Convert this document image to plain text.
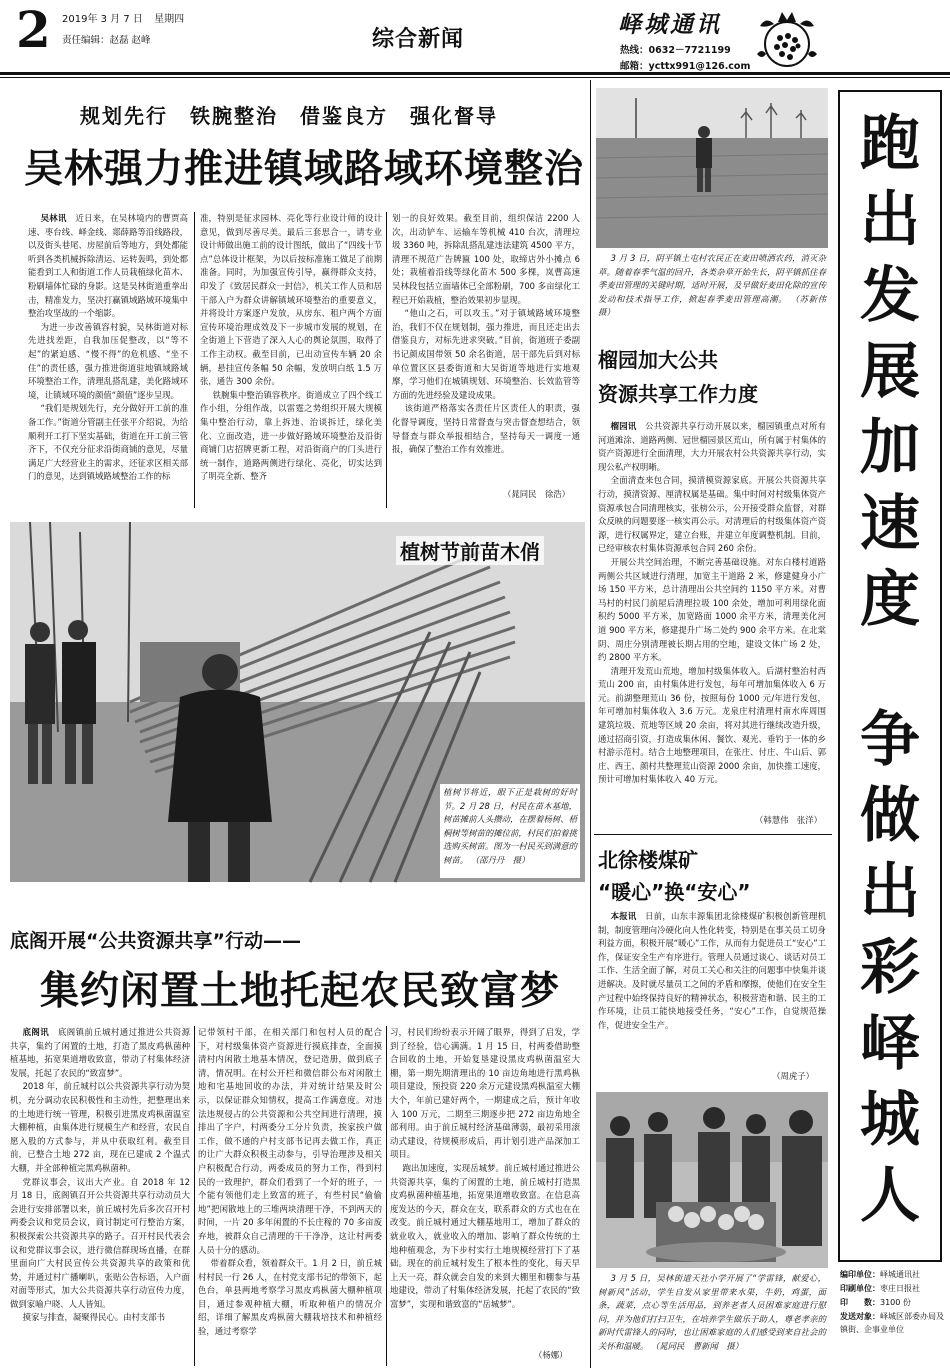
2 2019年 3 月 7 日 星期四
责任编辑：赵磊 赵峰	综合新闻
峄城通讯
热线：0632－7721199
邮箱：ycttx991@126.com
规划先行　铁腕整治　借鉴良方　强化督导
吴林强力推进镇域路域环境整治

吴林讯　 近日来，在吴林境内的曹贾高速、枣台线、峄金线、郯薛路等沿线路段，以及街头巷尾、房屋前后等地方，到处都能听到各类机械拆除清运、运转轰鸣，到处都能看到工人和街道工作人员栽植绿化苗木、粉刷墙体忙碌的身影。这是吴林街道重拳出击，精准发力，坚决打赢镇域路域环境集中整治攻坚战的一个缩影。

为进一步改善镇容村貌，吴林街道对标先进找差距，自我加压促整改，以“等不起”的紧迫感、“慢不得”的危机感、“坐不住”的责任感，强力推进街道驻地镇域路域环境整治工作，清理乱搭乱建，美化路域环境，让镇域环境的颜值“颜值”逐步呈现。

“我们是规划先行，充分做好开工前的准备工作。”街道分管副主任张平介绍说，为给顺利开工打下坚实基础，街道在开工前三管齐下，不仅充分征求沿街商铺的意见，尽量满足广大经营业主的需求，还征求区相关部门的意见，达到镇域路域整治工作的标

准，特别是征求园林、亮化等行业设计师的设计意见，做到尽善尽美。最后三套思合一，请专业设计师做出施工前的设计图纸，做出了“四线十节点”总体设计框架，为以后按标准施工做足了前期准备。同时，为加强宣传引导，赢得群众支持，印发了《致居民群众一封信》，机关工作人员和居干部入户为群众讲解镇域环境整治的重要意义，并将设计方案逐户发放，从房东、租户两个方面宣传环境治理成效及下一步城市发展的规划，在全街道上下营造了深入人心的舆论氛围，取得了工作主动权。截至目前，已出动宣传车辆 20 余辆，悬挂宣传条幅 50 余幅，发放明白纸 1.5 万张，通告 300 余份。

铁腕集中整治镇容秩序。街道成立了四个线工作小组，分组作战，以雷霆之势组织开展大规模集中整治行动，靠上拆违、治谈拆迁，绿化美化、立面改造，进一步做好路域环境整治及沿街商铺门店招牌更新工程，对沿街商户的门头进行统一制作，道路两侧进行绿化、亮化，切实达到了明亮全新、整齐

划一的良好效果。截至目前，组织保洁 2200 人次，出动铲车、运输车等机械 410 台次，清理垃圾 3360 吨，拆除乱搭乱建违法建筑 4500 平方，清理不规范广告牌匾 100 处，取缔店外小摊点 6 处；栽植着沿线等绿化苗木 500 多棵，岚曹高速吴林段包括立面墙体已全部粉刷，700 多亩绿化工程已开始栽植，整治效果初步显现。

“他山之石，可以攻玉。”对于镇域路域环境整治，我们不仅在规划制，强力推进，而且还走出去借鉴良方，对标先进求突破。”目前，街道班子委副书记颜成国带领 50 余名街道，居干部先后到对标单位置区区县委街道和大吴街道等地进行实地观摩，学习他们在城镇规划、环境整治、长效监管等方面的先进经验及建设成果。

该街道严格落实各责任片区责任人的职责，强化督导调度，坚持日常督查与突击督查想结合，领导督查与群众举报相结合，坚持每天一调度一通报，确保了整治工作有效推进。

（晁同民　徐浩）
植树节前苗木俏

植树节将近，眼下正是栽树的好时节。2 月 28 日，村民在苗木基地，树苗摊前人头攒动，在摆着杨树、梧桐树等树苗的摊位前，村民们拍着挑选购买树苗。图为一村民买到满意的树苗。 （邵丹丹　摄）

底阁开展“公共资源共享”行动——
集约闲置土地托起农民致富梦

底阁讯　 底阁镇前丘城村通过推进公共资源共享，集约了闲置的土地，打造了黑皮鸡枞菌种植基地，拓宽果道增收致富，带动了村集体经济发展，托起了农民的“致富梦”。

2018 年，前丘城村以公共资源共享行动为契机，充分调动农民积极性和主动性，把整理出来的土地进行统一管理，积极引进黑皮鸡枞菌温室大棚种植，由集体进行规模生产和经营，农民自愿入股的方式参与，并从中获取红利。截至目前，已整合土地 272 亩，现在已建成 2 个温式大棚，并全部种植完黑鸡枞菌种。

党群议事会，议出大产业。自 2018 年 12 月 18 日，底阁镇召开公共资源共享行动动员大会进行安排部署以来，前丘城村先后多次召开村两委会议和党员会议，商讨制定可行整治方案，积极探索公共资源共享的路子。召开村民代表会议和党群议事会议，进行微信群现场直播，在群里面向广大村民宣传公共资源共享的政策和优势，并通过村广播喇叭，张贴公告标语，入户面对面等形式，加大公共资源共享行动宣传力度，做到家喻户晓、人人皆知。

摸家与排查，凝聚得民心。由村支部书

记带领村干部，在相关部门和包村人员的配合下，对村级集体资产资源进行摸底排查，全面摸清村内闲散土地基本情况，登记造册，做到底子清，情况明。在村公开栏和微信群公布对闲散土地和宅基地回收的办法，并对统计结果及时公示，以保证群众知情权，提高工作满意度。对违法违规侵占的公共资源和公共空间进行清理，摸排出了字户，村两委分工分片负责，挨家挨户做工作，做不通的户村支部书记再去做工作，真正的让广大群众积极主动参与，引导治理涉及相关户积极配合行动，两委成员的努力工作，得到村民的一致理护，群众们看到了一个好的班子，一个能有领他们走上致富的班子，有些村民“偷偷地”把闲散地上的三堆两块清理干净，不到两天的时间，一片 20 多年闲置的不长庄稼的 70 多亩废弃地，被群众自己清理的干干净净，这让村两委人员十分的感动。

带着群众看，领着群众干。1 月 2 日，前丘城村村民一行 26 人，在村党支部书记的带领下，起色台，单县两地考察学习黑皮鸡枞菌大棚种植项目，通过参观种植大棚，听取种植户的情况介绍，详细了解黑皮鸡枞菌大棚栽培技术和种植经验，通过考察学

习，村民们纷纷表示开阔了眼界，得到了启发，学到了经验，信心满满。1 月 15 日，村两委借助整合回收的土地，开始复垦建设黑皮鸡枞菌温室大棚，第一期先期清理出的 10 亩边角地进行黑鸡枞项目建设，预投资 220 余万元建设黑鸡枞温室大棚大个，年前已建好两个，一期建成之后，预计年收入 100 万元，二期至三期逐步把 272 亩边角地全部利用。由于前丘城村经济基础薄弱，最初采用滚动式建设，待规模形成后，再计划引进产品深加工项目。

跑出加速度，实现岳城梦。前丘城村通过推进公共资源共享，集约了闲置的土地，前丘城村打造黑皮鸡枞菌种植基地，拓宽果道增收致富。在信息高度发达的今天，群众在支，联系群众的方式也在在改变。前丘城村通过大棚基地用工，增加了群众的就业收入，就业收入的增加、影响了群众传统的土地种植观念，为下步村实行土地规模经营打下了基础。现在的前丘城村发生了根本性的变化，每天早上天一亮，群众就会自发的来到大棚里和棚参与基地建设，带动了村集体经济发展，托起了农民的“致富梦”，实现和谐致富的“岳城梦”。

（杨娜）

3 月 3 日，阴平镇土屯村农民正在麦田喷洒农药，消灭杂草。随着春季气温的回升，各类杂草开始生长，阴平镇抓住春季麦田管理的关键时期，适时开展，及早做好麦田化除的宣传发动和技术指导工作，掀起春季麦田管理高潮。 （苏新伟　摄）

榴园加大公共
资源共享工作力度

榴园讯　 公共资源共享行动开展以来，榴园镇重点对所有河道滩涂、道路两侧、冠世榴园景区荒山，所有属于村集体的资产资源进行全面清理，大力开展农村公共资源共享行动，实现公私产权明晰。

全面清查来包合同，摸清模资源家底。开展公共资源共享行动，摸清资源、厘清权属是基础。集中时间对村级集体资产资源承包合同清理核实，张榜公示，公开接受群众监督，对群众反映的问题要逐一核实再公示。对清理后的村级集体资产资源，进行权属界定，建立台账，并建立年度调整机制。目前，已经审核农村集体资源承包合同 260 余份。

开展公共空间治理，不断完善基础设施。对东白楼村道路两侧公共区域进行清理，加宽主干道路 2 米，修建健身小广场 150 平方米，总计清理出公共空间约 1150 平方米。对曹马村的村民门前屋后清理拉圾 100 余处，增加可利用绿化面积约 5000 平方米，加宽路面 1000 余平方米，清理美化河道 900 平方米，修建提升广场二处约 900 余平方米。在北棠阴、周庄分别清理被长期占用的空地，建设文体广场 2 处，约 2800 平方米。

清理开发荒山荒地，增加村级集体收入。后湖村整治村西荒山 200 亩，由村集体进行发包，每年可增加集体收入 6 万元。前湖整理荒山 36 份，按照每份 1000 元/年进行发包，年可增加村集体收入 3.6 万元。龙泉庄村清理村南水库周围建筑垃圾、荒地等区域 20 余亩，将对其进行继续改造升级，通过招商引资，打造成集休闲、餐饮、观光、垂钓于一体的乡村游示范村。结合土地整理项目，在张庄、付庄、牛山后、郭庄、西王、颜村共整理荒山资源 2000 余亩，加快推工速度，预计可增加村集体收入 40 万元。

（韩慧伟　张洋）
北徐楼煤矿
“暖心”换“安心”

本报讯　 日前，山东丰源集团北徐楼煤矿积极创新管理机制，制度管理向冷硬化向人性化转变，特别是在事关员工切身利益方面，积极开展“暖心”工作，从而有力促进员工“安心”工作，保证安全生产有序进行。管理人员通过谈心、谈话对员工工作、生活全面了解，对员工关心和关注的问题事中快集并谈进解决。及时就尽量员工之间的矛盾和摩擦，使他们在安全生产过程中始终保持良好的精神状态，积极营造和谐、民主的工作环境，让员工能快地接受任务，“安心”工作，自觉规范操作，促进安全生产。

（周虎子）

3 月 5 日，吴林街道天社小学开展了“学雷锋，献爱心，树新风”活动，学生自发从家里带来水果，牛奶，鸡蛋，面条，蔬菜，点心等生活用品，到养老者人员困难家庭进行慰问，并为他们打扫卫生，在培养学生做乐于助人，尊老孝亲的新时代雷锋人的同时，也让困难家庭的人们感受到来自社会的关怀和温暖。 （晁同民　曹新闻　摄）

跑出发展加速度
争做出彩峄城人
编印单位：峄城通讯社
印刷单位：枣庄日报社
印　　数：3100 份
发送对象：峄城区部委办局及镇街、企事业单位
